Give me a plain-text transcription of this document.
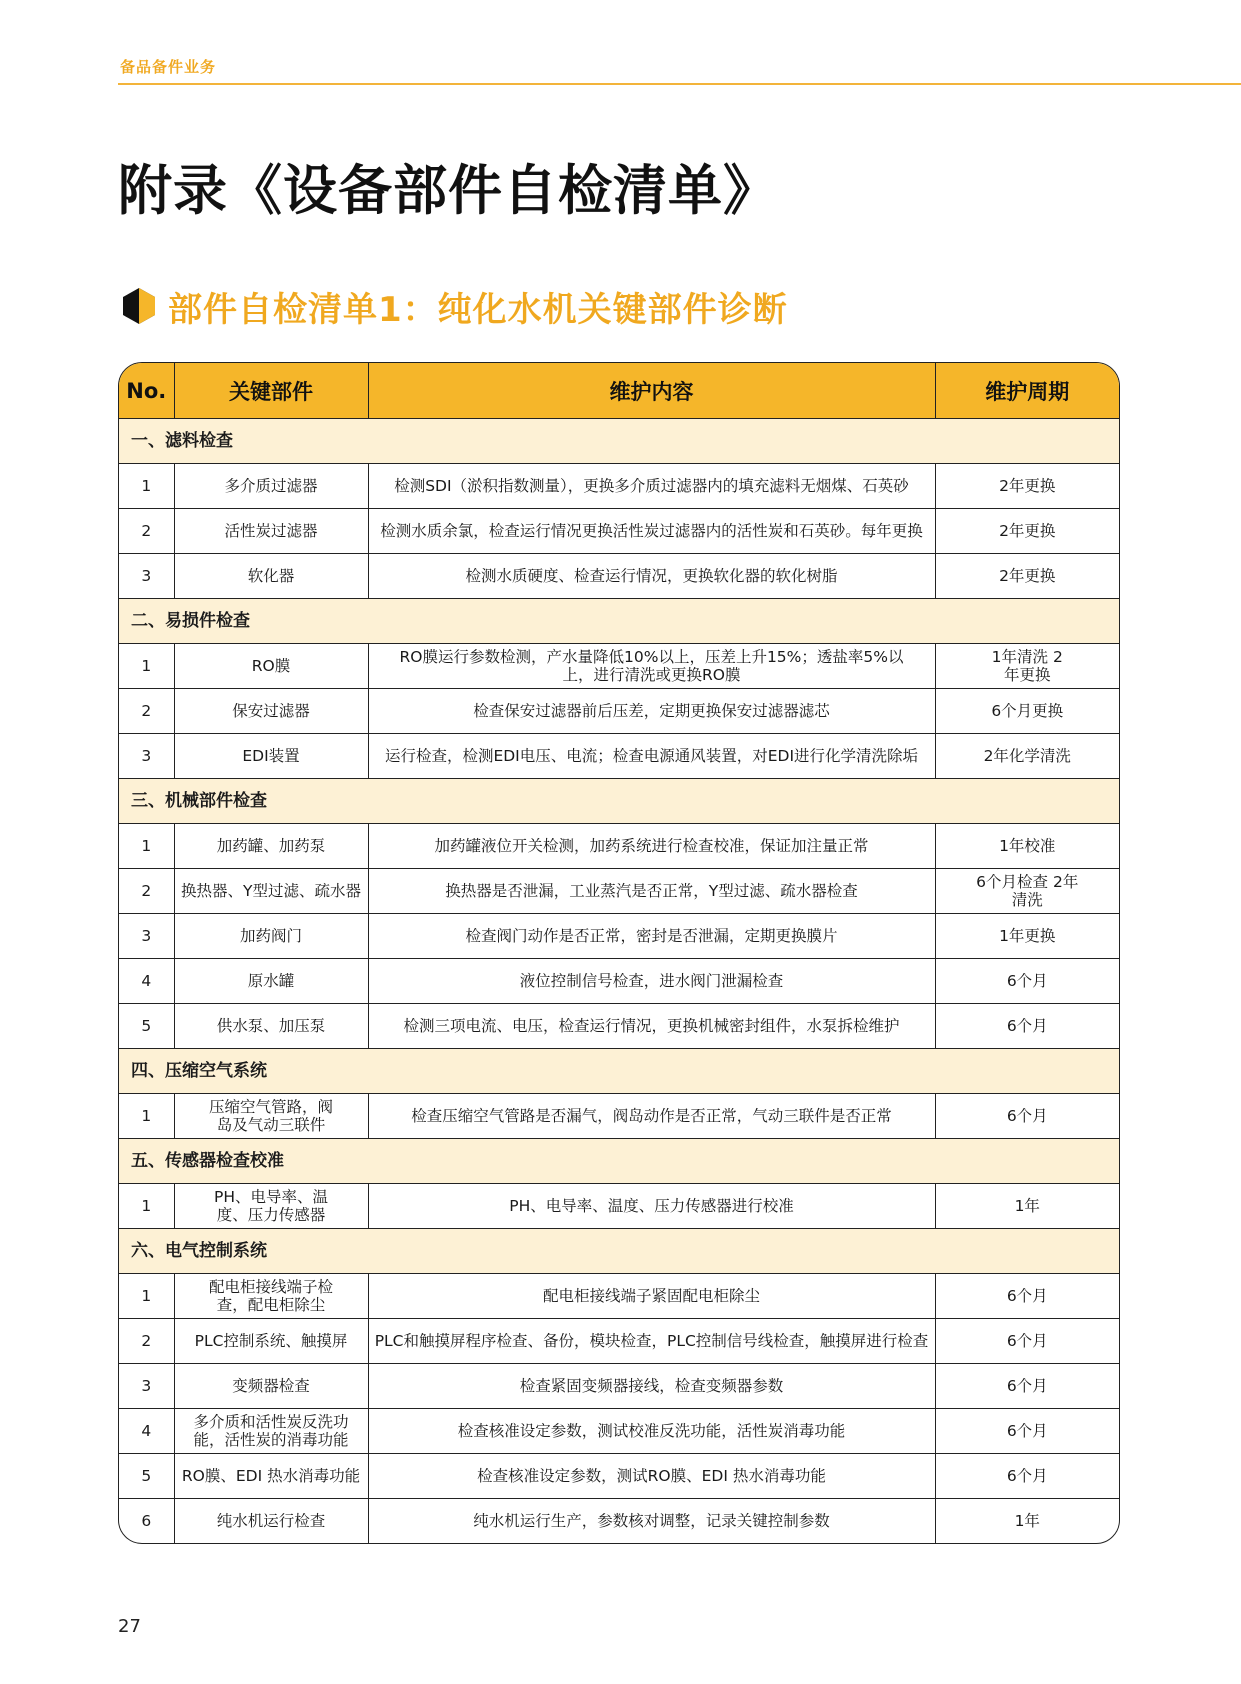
备品备件业务
附录《设备部件自检清单》
部件自检清单1：纯化水机关键部件诊断
No.	关键部件	维护内容	维护周期
一、滤料检查			
1	多介质过滤器	检测SDI（淤积指数测量），更换多介质过滤器内的填充滤料无烟煤、石英砂	2年更换
2	活性炭过滤器	检测水质余氯，检查运行情况更换活性炭过滤器内的活性炭和石英砂。每年更换	2年更换
3	软化器	检测水质硬度、检查运行情况，更换软化器的软化树脂	2年更换
二、易损件检查			
1	RO膜	RO膜运行参数检测，产水量降低10%以上，压差上升15%；透盐率5%以上，进行清洗或更换RO膜	1年清洗 2年更换
2	保安过滤器	检查保安过滤器前后压差，定期更换保安过滤器滤芯	6个月更换
3	EDI装置	运行检查，检测EDI电压、电流；检查电源通风装置，对EDI进行化学清洗除垢	2年化学清洗
三、机械部件检查			
1	加药罐、加药泵	加药罐液位开关检测，加药系统进行检查校准，保证加注量正常	1年校准
2	换热器、Y型过滤、疏水器	换热器是否泄漏，工业蒸汽是否正常，Y型过滤、疏水器检查	6个月检查 2年清洗
3	加药阀门	检查阀门动作是否正常，密封是否泄漏，定期更换膜片	1年更换
4	原水罐	液位控制信号检查，进水阀门泄漏检查	6个月
5	供水泵、加压泵	检测三项电流、电压，检查运行情况，更换机械密封组件，水泵拆检维护	6个月
四、压缩空气系统			
1	压缩空气管路，阀岛及气动三联件	检查压缩空气管路是否漏气，阀岛动作是否正常，气动三联件是否正常	6个月
五、传感器检查校准			
1	PH、电导率、温度、压力传感器	PH、电导率、温度、压力传感器进行校准	1年
六、电气控制系统			
1	配电柜接线端子检查，配电柜除尘	配电柜接线端子紧固配电柜除尘	6个月
2	PLC控制系统、触摸屏	PLC和触摸屏程序检查、备份，模块检查，PLC控制信号线检查，触摸屏进行检查	6个月
3	变频器检查	检查紧固变频器接线，检查变频器参数	6个月
4	多介质和活性炭反洗功能，活性炭的消毒功能	检查核准设定参数，测试校准反洗功能，活性炭消毒功能	6个月
5	RO膜、EDI 热水消毒功能	检查核准设定参数，测试RO膜、EDI 热水消毒功能	6个月
6	纯水机运行检查	纯水机运行生产，参数核对调整，记录关键控制参数	1年
27
